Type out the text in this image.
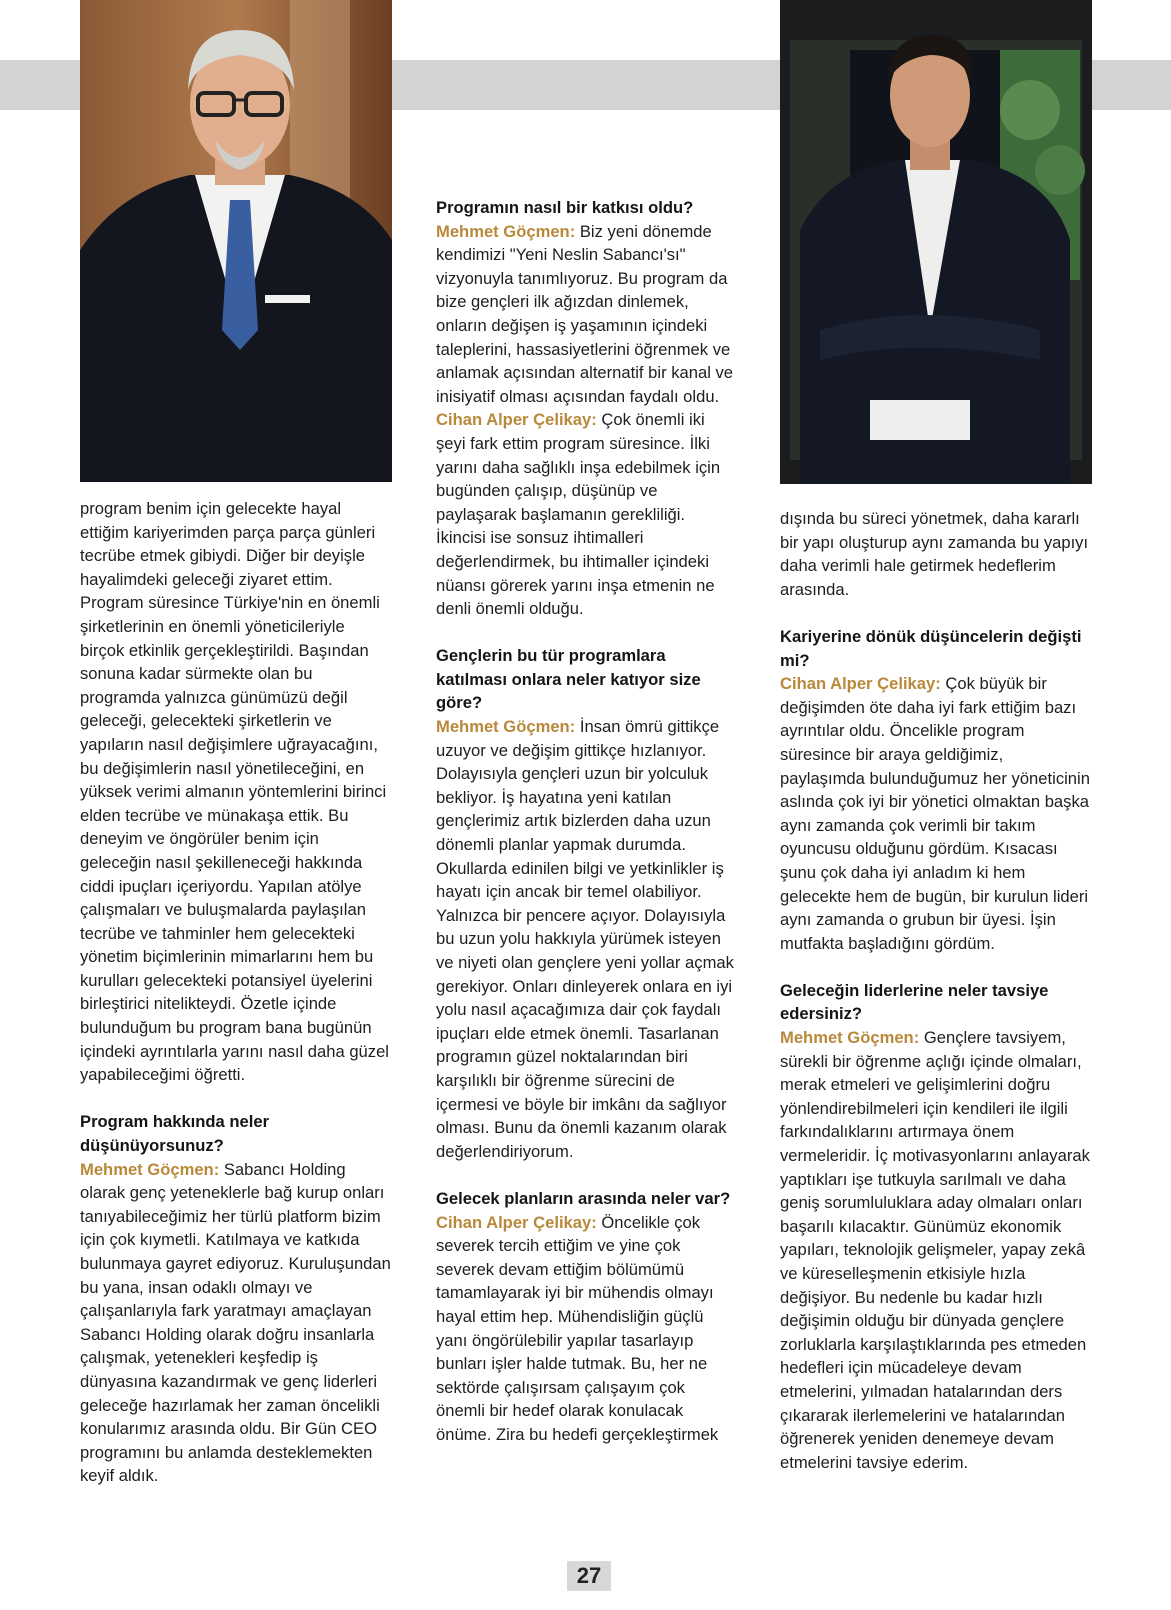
program benim için gelecekte hayal ettiğim kariyerimden parça parça günleri tecrübe etmek gibiydi. Diğer bir deyişle hayalimdeki geleceği ziyaret ettim. Program süresince Türkiye'nin en önemli şirketlerinin en önemli yöneticileriyle birçok etkinlik gerçekleştirildi. Başından sonuna kadar sürmekte olan bu programda yalnızca günümüzü değil geleceği, gelecekteki şirketlerin ve yapıların nasıl değişimlere uğrayacağını, bu değişimlerin nasıl yönetileceğini, en yüksek verimi almanın yöntemlerini birinci elden tecrübe ve münakaşa ettik. Bu deneyim ve öngörüler benim için geleceğin nasıl şekilleneceği hakkında ciddi ipuçları içeriyordu. Yapılan atölye çalışmaları ve buluşmalarda paylaşılan tecrübe ve tahminler hem gelecekteki yönetim biçimlerinin mimarlarını hem bu kurulları gelecekteki potansiyel üyelerini birleştirici nitelikteydi. Özetle içinde bulunduğum bu program bana bugünün içindeki ayrıntılarla yarını nasıl daha güzel yapabileceğimi öğretti.

Program hakkında neler düşünüyorsunuz?

Mehmet Göçmen: Sabancı Holding olarak genç yeteneklerle bağ kurup onları tanıyabileceğimiz her türlü platform bizim için çok kıymetli. Katılmaya ve katkıda bulunmaya gayret ediyoruz. Kuruluşundan bu yana, insan odaklı olmayı ve çalışanlarıyla fark yaratmayı amaçlayan Sabancı Holding olarak doğru insanlarla çalışmak, yetenekleri keşfedip iş dünyasına kazandırmak ve genç liderleri geleceğe hazırlamak her zaman öncelikli konularımız arasında oldu. Bir Gün CEO programını bu anlamda desteklemekten keyif aldık.

Programın nasıl bir katkısı oldu?

Mehmet Göçmen: Biz yeni dönemde kendimizi "Yeni Neslin Sabancı'sı" vizyonuyla tanımlıyoruz. Bu program da bize gençleri ilk ağızdan dinlemek, onların değişen iş yaşamının içindeki taleplerini, hassasiyetlerini öğrenmek ve anlamak açısından alternatif bir kanal ve inisiyatif olması açısından faydalı oldu.

Cihan Alper Çelikay: Çok önemli iki şeyi fark ettim program süresince. İlki yarını daha sağlıklı inşa edebilmek için bugünden çalışıp, düşünüp ve paylaşarak başlamanın gerekliliği. İkincisi ise sonsuz ihtimalleri değerlendirmek, bu ihtimaller içindeki nüansı görerek yarını inşa etmenin ne denli önemli olduğu.

Gençlerin bu tür programlara katılması onlara neler katıyor size göre?

Mehmet Göçmen: İnsan ömrü gittikçe uzuyor ve değişim gittikçe hızlanıyor. Dolayısıyla gençleri uzun bir yolculuk bekliyor. İş hayatına yeni katılan gençlerimiz artık bizlerden daha uzun dönemli planlar yapmak durumda. Okullarda edinilen bilgi ve yetkinlikler iş hayatı için ancak bir temel olabiliyor. Yalnızca bir pencere açıyor. Dolayısıyla bu uzun yolu hakkıyla yürümek isteyen ve niyeti olan gençlere yeni yollar açmak gerekiyor. Onları dinleyerek onlara en iyi yolu nasıl açacağımıza dair çok faydalı ipuçları elde etmek önemli. Tasarlanan programın güzel noktalarından biri karşılıklı bir öğrenme sürecini de içermesi ve böyle bir imkânı da sağlıyor olması. Bunu da önemli kazanım olarak değerlendiriyorum.

Gelecek planların arasında neler var?

Cihan Alper Çelikay: Öncelikle çok severek tercih ettiğim ve yine çok severek devam ettiğim bölümümü tamamlayarak iyi bir mühendis olmayı hayal ettim hep. Mühendisliğin güçlü yanı öngörülebilir yapılar tasarlayıp bunları işler halde tutmak. Bu, her ne sektörde çalışırsam çalışayım çok önemli bir hedef olarak konulacak önüme. Zira bu hedefi gerçekleştirmek

dışında bu süreci yönetmek, daha kararlı bir yapı oluşturup aynı zamanda bu yapıyı daha verimli hale getirmek hedeflerim arasında.

Kariyerine dönük düşüncelerin değişti mi?

Cihan Alper Çelikay: Çok büyük bir değişimden öte daha iyi fark ettiğim bazı ayrıntılar oldu. Öncelikle program süresince bir araya geldiğimiz, paylaşımda bulunduğumuz her yöneticinin aslında çok iyi bir yönetici olmaktan başka aynı zamanda çok verimli bir takım oyuncusu olduğunu gördüm. Kısacası şunu çok daha iyi anladım ki hem gelecekte hem de bugün, bir kurulun lideri aynı zamanda o grubun bir üyesi. İşin mutfakta başladığını gördüm.

Geleceğin liderlerine neler tavsiye edersiniz?

Mehmet Göçmen: Gençlere tavsiyem, sürekli bir öğrenme açlığı içinde olmaları, merak etmeleri ve gelişimlerini doğru yönlendirebilmeleri için kendileri ile ilgili farkındalıklarını artırmaya önem vermeleridir. İç motivasyonlarını anlayarak yaptıkları işe tutkuyla sarılmalı ve daha geniş sorumluluklara aday olmaları onları başarılı kılacaktır. Günümüz ekonomik yapıları, teknolojik gelişmeler, yapay zekâ ve küreselleşmenin etkisiyle hızla değişiyor. Bu nedenle bu kadar hızlı değişimin olduğu bir dünyada gençlere zorluklarla karşılaştıklarında pes etmeden hedefleri için mücadeleye devam etmelerini, yılmadan hatalarından ders çıkararak ilerlemelerini ve hatalarından öğrenerek yeniden denemeye devam etmelerini tavsiye ederim.

27
